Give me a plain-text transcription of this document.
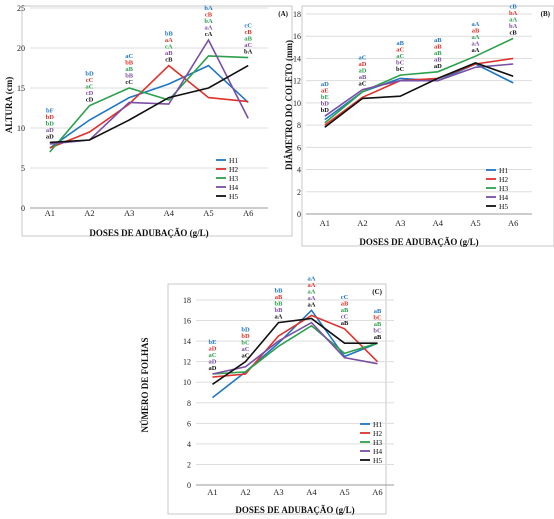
0
5
10
15
20
25
A1	A2	A3	A4	A5	A6
DOSES DE ADUBAÇÃO (g/L)
ALTURA (cm)
(A)
bF
bD
bD
aD
aD
bD
cC
aC
cD
cD
aC
bB
aB
bB
cC
bB
aA
cA
aB
cB
bA
cB
bA
aA
cA
cC
cB
aB
aC
bA
H1
H2
H3
H4
H5
0
2
4
6
8
10
12
14
16
18
A1	A2	A3	A4	A5	A6
DOSES DE ADUBAÇÃO (g/L)
DIÂMETRO DO COLETO (mm)
(B)
aD
aE
bE
bD
bD
aC
aD
aD
aB
aC
aB
aC
aC
bC
bC
aB
aB
aB
aB
aD
aA
aB
aA
aA
aA
cB
bA
aA
bA
cB
H1
H2
H3
H4
H5
0
2
4
6
8
10
12
14
16
18
A1	A2	A3	A4	A5	A6
DOSES DE ADUBAÇÃO (g/L)
NÚMERO DE FOLHAS
(C)
bE
aD
aC
aD
aD
bD
bD
bC
aC
aC
bB
aB
bB
bB
aA
aA
aA
aA
aA
aA
cC
aB
aB
cC
aB
aB
bC
aB
bC
aB
H1
H2
H3
H4
H5
